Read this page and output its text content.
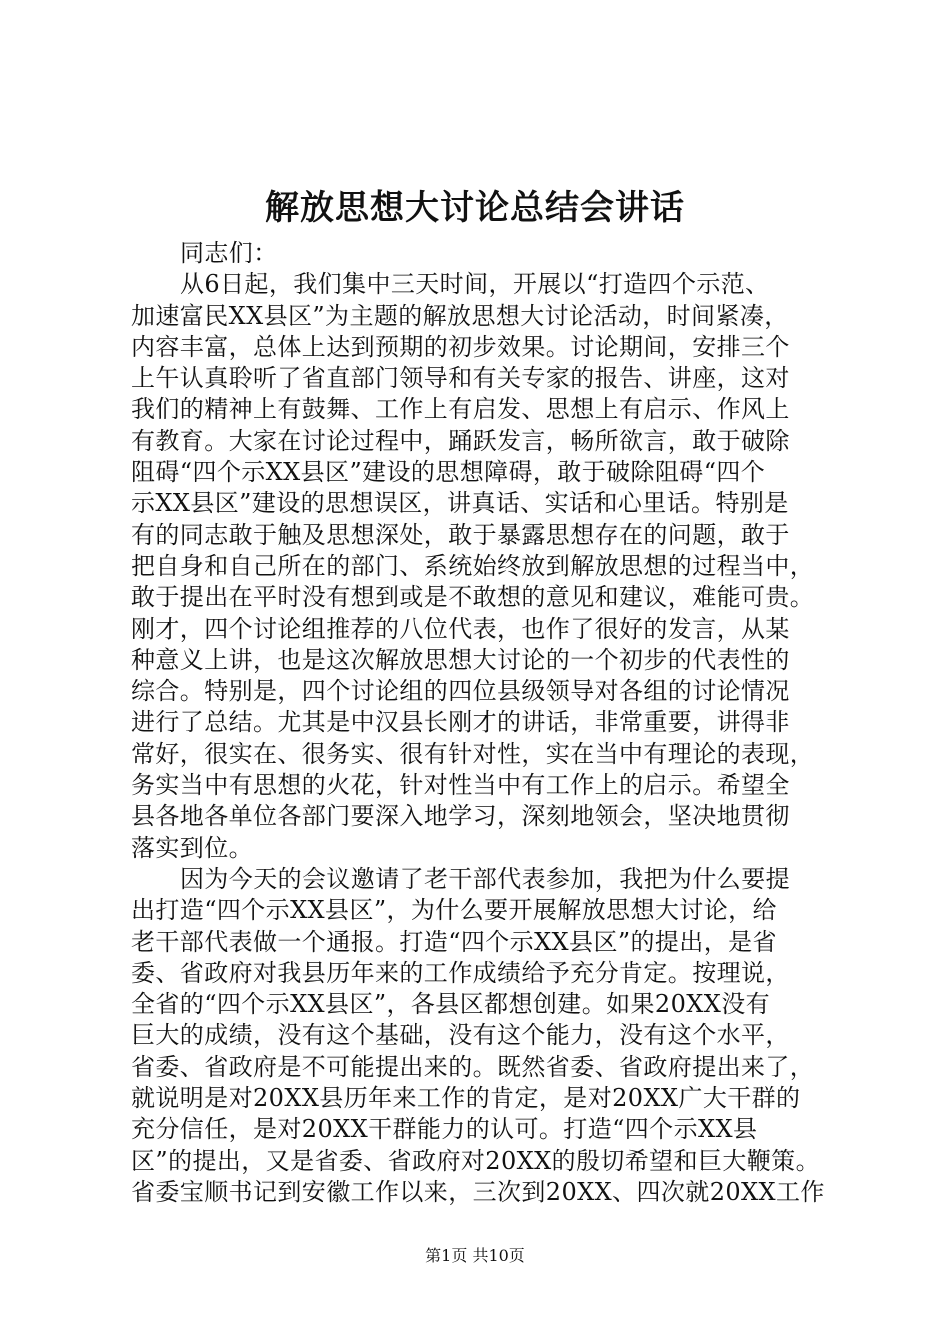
解放思想大讨论总结会讲话
同志们：
从6日起，我们集中三天时间，开展以“打造四个示范、
加速富民XX县区”为主题的解放思想大讨论活动，时间紧凑，
内容丰富，总体上达到预期的初步效果。讨论期间，安排三个
上午认真聆听了省直部门领导和有关专家的报告、讲座，这对
我们的精神上有鼓舞、工作上有启发、思想上有启示、作风上
有教育。大家在讨论过程中，踊跃发言，畅所欲言，敢于破除
阻碍“四个示XX县区”建设的思想障碍，敢于破除阻碍“四个
示XX县区”建设的思想误区，讲真话、实话和心里话。特别是
有的同志敢于触及思想深处，敢于暴露思想存在的问题，敢于
把自身和自己所在的部门、系统始终放到解放思想的过程当中，
敢于提出在平时没有想到或是不敢想的意见和建议，难能可贵。
刚才，四个讨论组推荐的八位代表，也作了很好的发言，从某
种意义上讲，也是这次解放思想大讨论的一个初步的代表性的
综合。特别是，四个讨论组的四位县级领导对各组的讨论情况
进行了总结。尤其是中汉县长刚才的讲话，非常重要，讲得非
常好，很实在、很务实、很有针对性，实在当中有理论的表现，
务实当中有思想的火花，针对性当中有工作上的启示。希望全
县各地各单位各部门要深入地学习，深刻地领会，坚决地贯彻
落实到位。
因为今天的会议邀请了老干部代表参加，我把为什么要提
出打造“四个示XX县区”，为什么要开展解放思想大讨论，给
老干部代表做一个通报。打造“四个示XX县区”的提出，是省
委、省政府对我县历年来的工作成绩给予充分肯定。按理说，
全省的“四个示XX县区”，各县区都想创建。如果20XX没有
巨大的成绩，没有这个基础，没有这个能力，没有这个水平，
省委、省政府是不可能提出来的。既然省委、省政府提出来了，
就说明是对20XX县历年来工作的肯定，是对20XX广大干群的
充分信任，是对20XX干群能力的认可。打造“四个示XX县
区”的提出，又是省委、省政府对20XX的殷切希望和巨大鞭策。
省委宝顺书记到安徽工作以来，三次到20XX、四次就20XX工作
第1页 共10页
